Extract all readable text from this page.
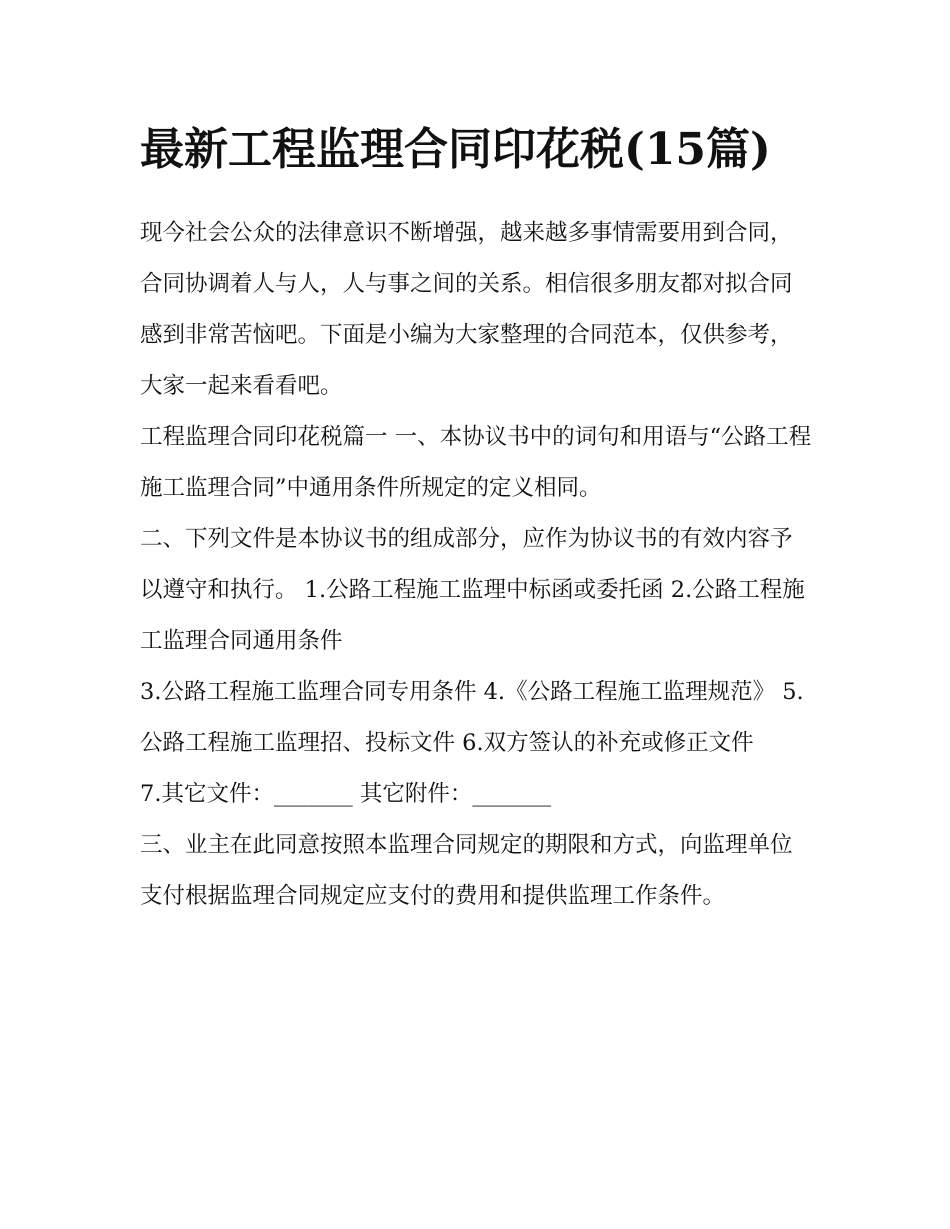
最新工程监理合同印花税(15篇)

现今社会公众的法律意识不断增强，越来越多事情需要用到合同，合同协调着人与人，人与事之间的关系。相信很多朋友都对拟合同感到非常苦恼吧。下面是小编为大家整理的合同范本，仅供参考，大家一起来看看吧。

工程监理合同印花税篇一 一、本协议书中的词句和用语与“公路工程施工监理合同”中通用条件所规定的定义相同。

二、下列文件是本协议书的组成部分，应作为协议书的有效内容予以遵守和执行。 1.公路工程施工监理中标函或委托函 2.公路工程施工监理合同通用条件

3.公路工程施工监理合同专用条件 4.《公路工程施工监理规范》 5.公路工程施工监理招、投标文件 6.双方签认的补充或修正文件

7.其它文件：_______ 其它附件：_______

三、业主在此同意按照本监理合同规定的期限和方式，向监理单位支付根据监理合同规定应支付的费用和提供监理工作条件。
